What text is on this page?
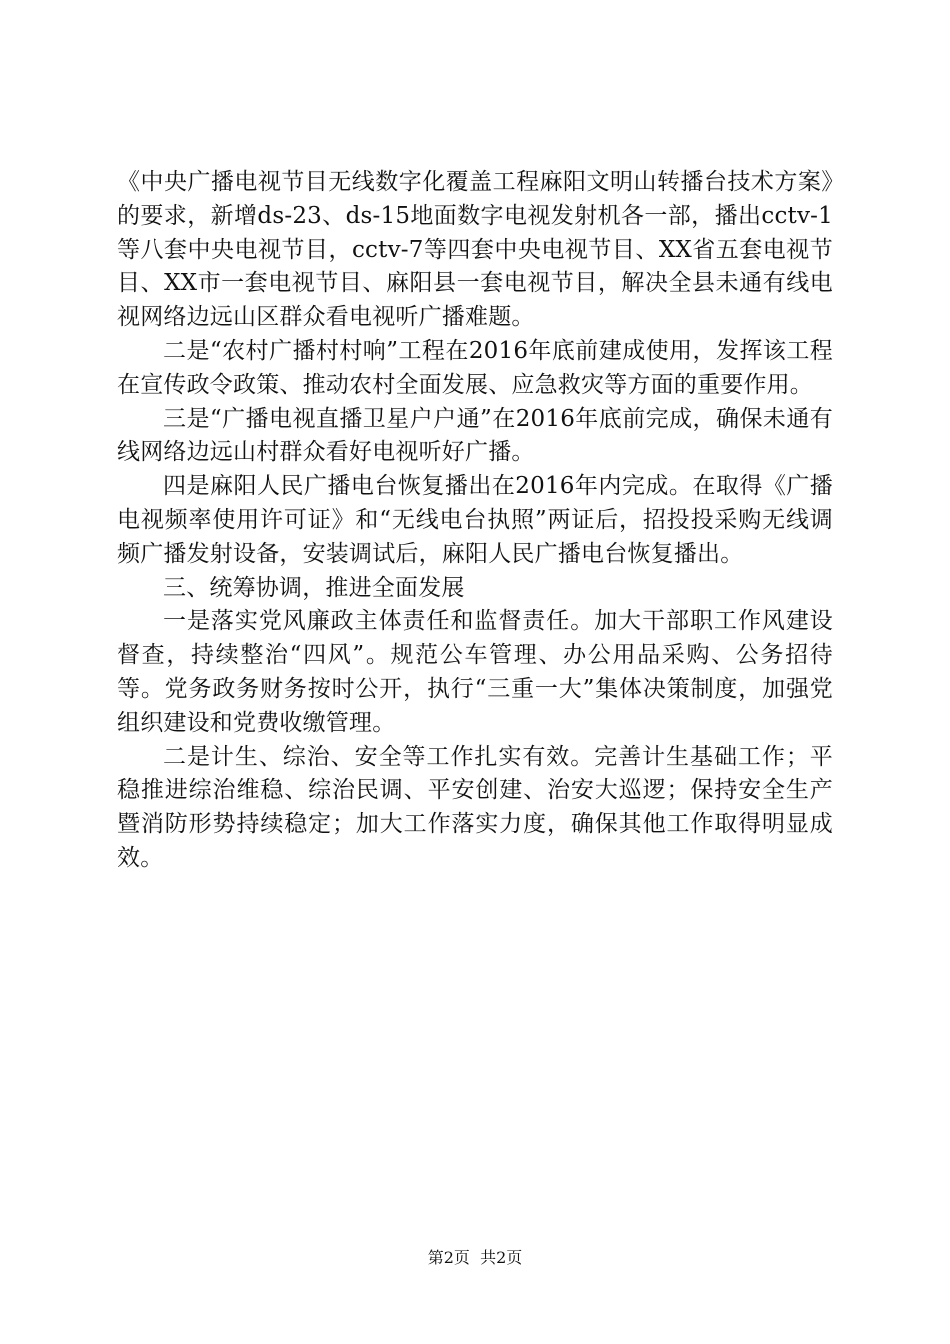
《中央广播电视节目无线数字化覆盖工程麻阳文明山转播台技术方案》的要求，新增ds-23、ds-15地面数字电视发射机各一部，播出cctv-1等八套中央电视节目，cctv-7等四套中央电视节目、XX省五套电视节目、XX市一套电视节目、麻阳县一套电视节目，解决全县未通有线电视网络边远山区群众看电视听广播难题。

二是“农村广播村村响”工程在2016年底前建成使用，发挥该工程在宣传政令政策、推动农村全面发展、应急救灾等方面的重要作用。

三是“广播电视直播卫星户户通”在2016年底前完成，确保未通有线网络边远山村群众看好电视听好广播。

四是麻阳人民广播电台恢复播出在2016年内完成。在取得《广播电视频率使用许可证》和“无线电台执照”两证后，招投投采购无线调频广播发射设备，安装调试后，麻阳人民广播电台恢复播出。

三、统筹协调，推进全面发展

一是落实党风廉政主体责任和监督责任。加大干部职工作风建设督查，持续整治“四风”。规范公车管理、办公用品采购、公务招待等。党务政务财务按时公开，执行“三重一大”集体决策制度，加强党组织建设和党费收缴管理。

二是计生、综治、安全等工作扎实有效。完善计生基础工作；平稳推进综治维稳、综治民调、平安创建、治安大巡逻；保持安全生产暨消防形势持续稳定；加大工作落实力度，确保其他工作取得明显成效。

第2页  共2页
